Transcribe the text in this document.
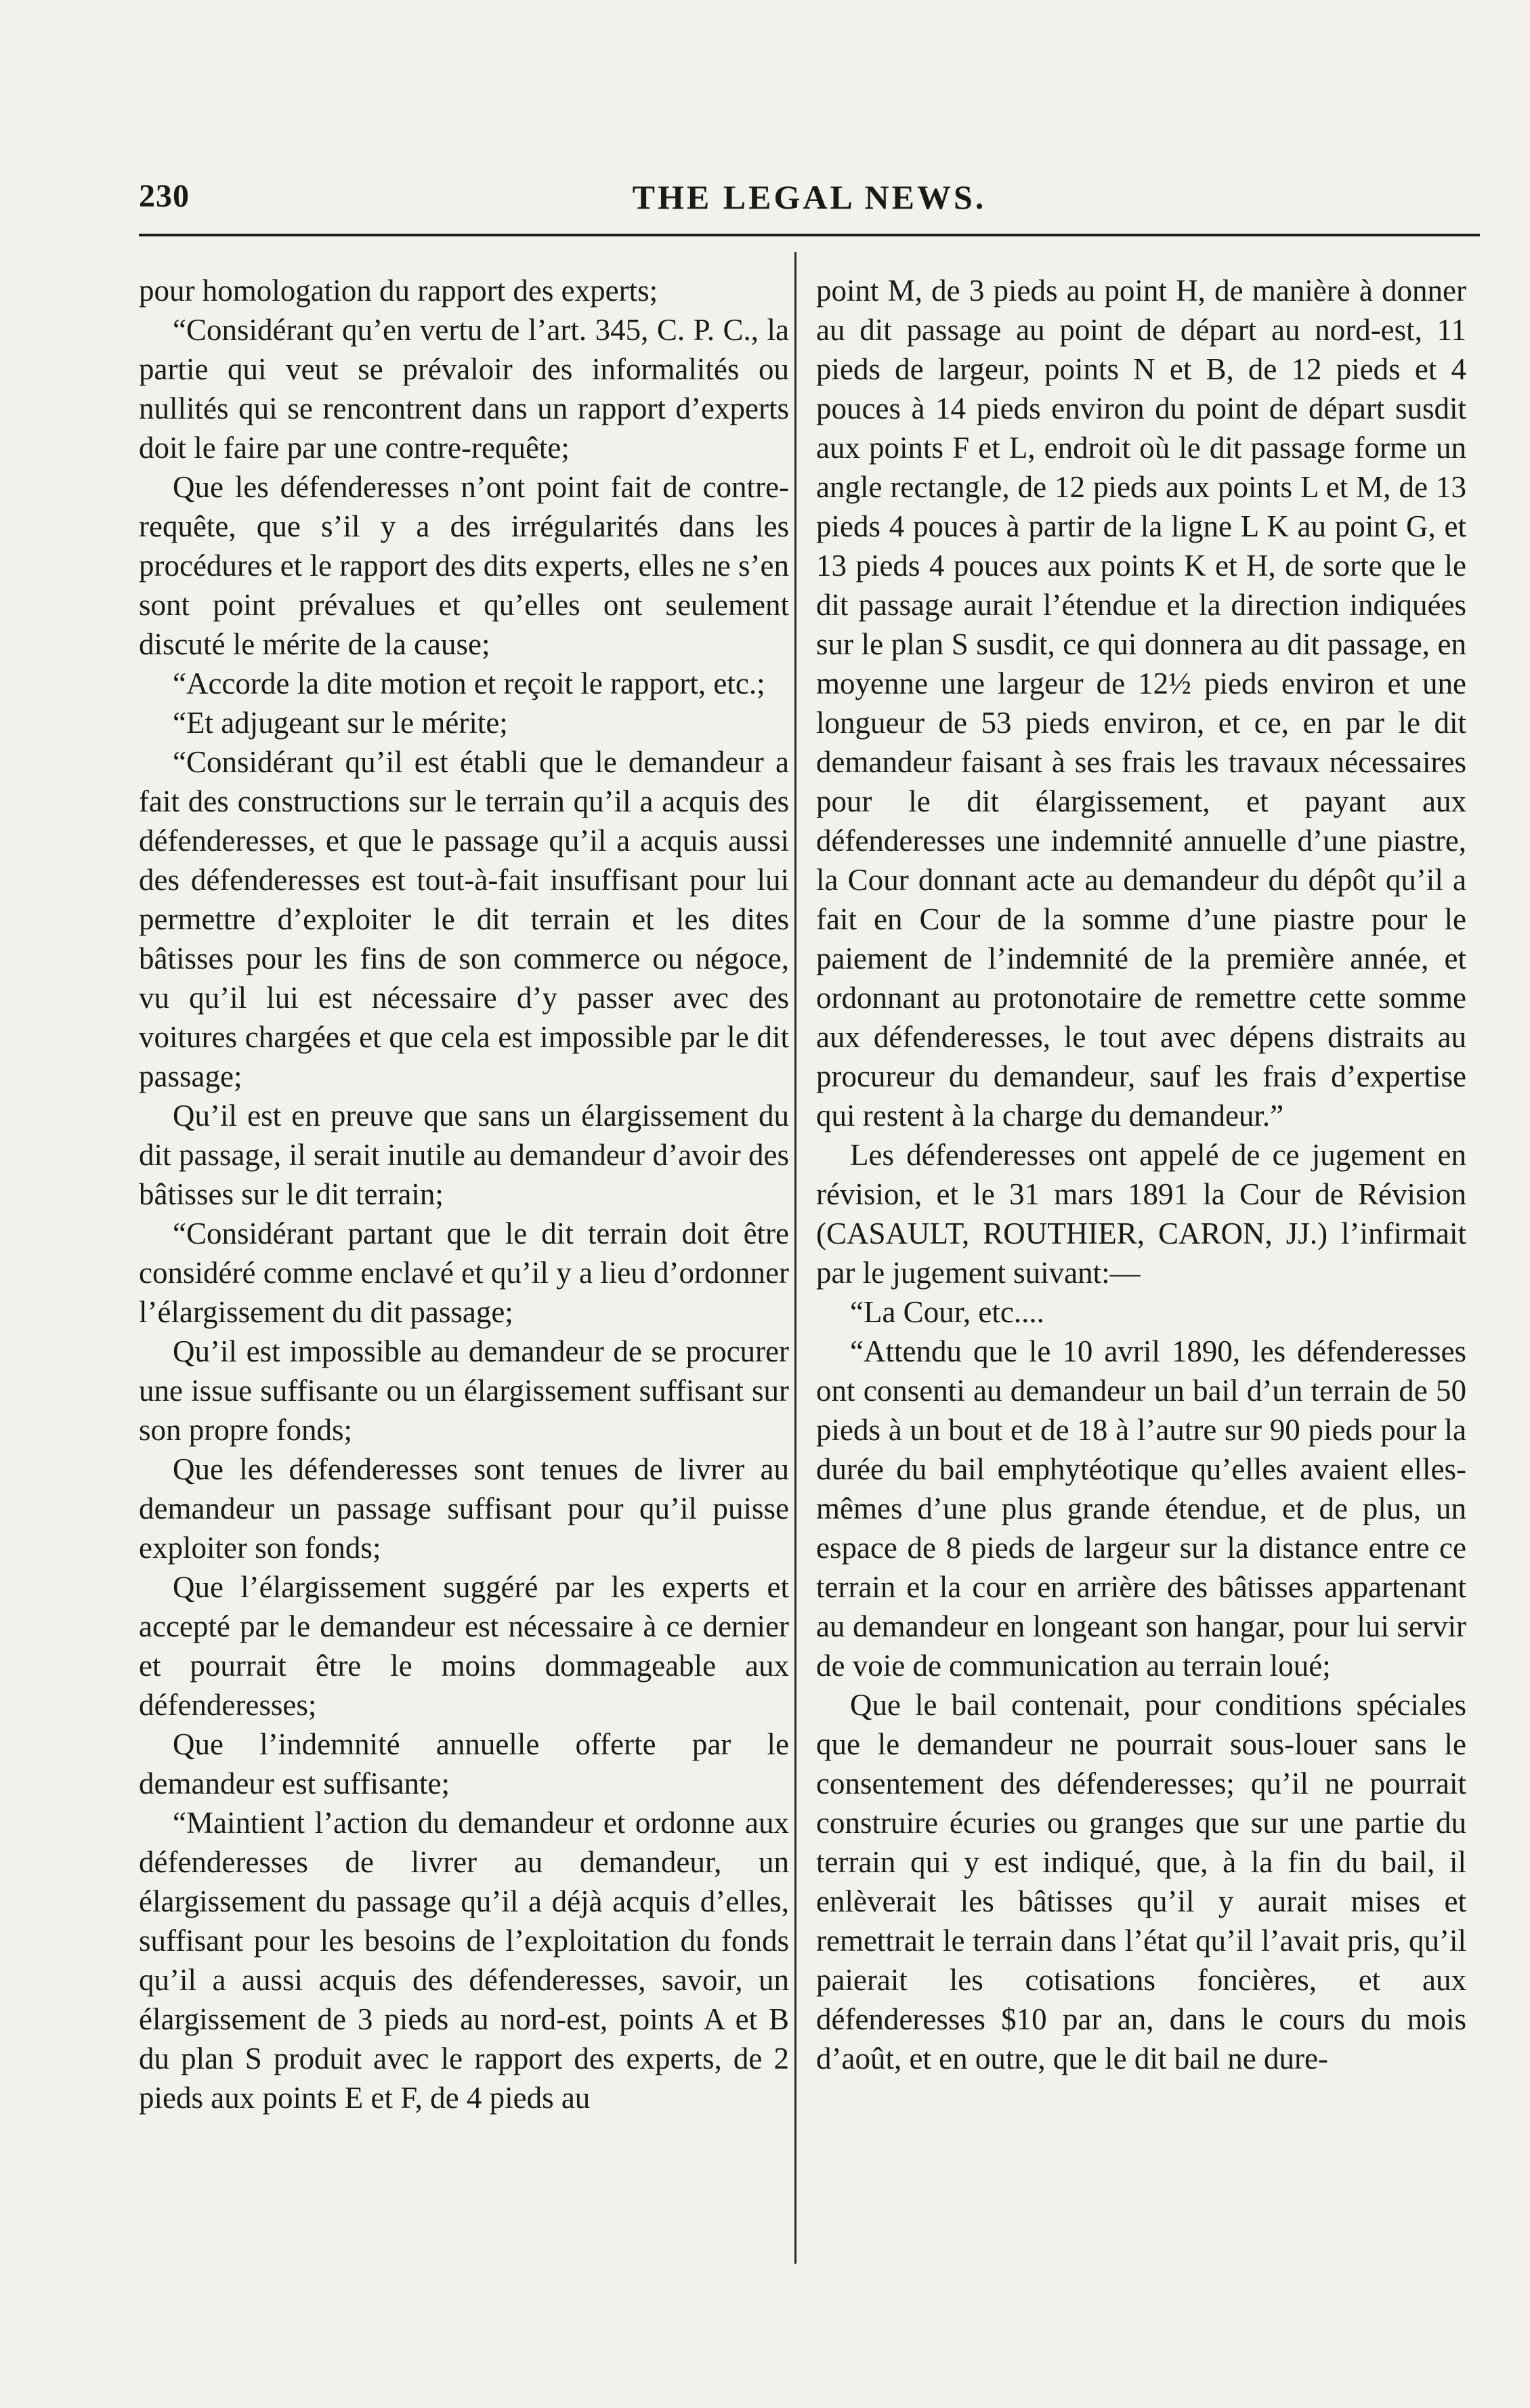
230	THE LEGAL NEWS.

pour homologation du rapport des experts;

“Considérant qu’en vertu de l’art. 345, C. P. C., la partie qui veut se prévaloir des informalités ou nullités qui se rencontrent dans un rapport d’experts doit le faire par une contre-requête;

Que les défenderesses n’ont point fait de contre-requête, que s’il y a des irrégularités dans les procédures et le rapport des dits experts, elles ne s’en sont point prévalues et qu’elles ont seulement discuté le mérite de la cause;

“Accorde la dite motion et reçoit le rapport, etc.;

“Et adjugeant sur le mérite;

“Considérant qu’il est établi que le demandeur a fait des constructions sur le terrain qu’il a acquis des défenderesses, et que le passage qu’il a acquis aussi des défenderesses est tout-à-fait insuffisant pour lui permettre d’exploiter le dit terrain et les dites bâtisses pour les fins de son commerce ou négoce, vu qu’il lui est nécessaire d’y passer avec des voitures chargées et que cela est impossible par le dit passage;

Qu’il est en preuve que sans un élargissement du dit passage, il serait inutile au demandeur d’avoir des bâtisses sur le dit terrain;

“Considérant partant que le dit terrain doit être considéré comme enclavé et qu’il y a lieu d’ordonner l’élargissement du dit passage;

Qu’il est impossible au demandeur de se procurer une issue suffisante ou un élargissement suffisant sur son propre fonds;

Que les défenderesses sont tenues de livrer au demandeur un passage suffisant pour qu’il puisse exploiter son fonds;

Que l’élargissement suggéré par les experts et accepté par le demandeur est nécessaire à ce dernier et pourrait être le moins dommageable aux défenderesses;

Que l’indemnité annuelle offerte par le demandeur est suffisante;

“Maintient l’action du demandeur et ordonne aux défenderesses de livrer au demandeur, un élargissement du passage qu’il a déjà acquis d’elles, suffisant pour les besoins de l’exploitation du fonds qu’il a aussi acquis des défenderesses, savoir, un élargissement de 3 pieds au nord-est, points A et B du plan S produit avec le rapport des experts, de 2 pieds aux points E et F, de 4 pieds au

point M, de 3 pieds au point H, de manière à donner au dit passage au point de départ au nord-est, 11 pieds de largeur, points N et B, de 12 pieds et 4 pouces à 14 pieds environ du point de départ susdit aux points F et L, endroit où le dit passage forme un angle rectangle, de 12 pieds aux points L et M, de 13 pieds 4 pouces à partir de la ligne L K au point G, et 13 pieds 4 pouces aux points K et H, de sorte que le dit passage aurait l’étendue et la direction indiquées sur le plan S susdit, ce qui donnera au dit passage, en moyenne une largeur de 12½ pieds environ et une longueur de 53 pieds environ, et ce, en par le dit demandeur faisant à ses frais les travaux nécessaires pour le dit élargissement, et payant aux défenderesses une indemnité annuelle d’une piastre, la Cour donnant acte au demandeur du dépôt qu’il a fait en Cour de la somme d’une piastre pour le paiement de l’indemnité de la première année, et ordonnant au protonotaire de remettre cette somme aux défenderesses, le tout avec dépens distraits au procureur du demandeur, sauf les frais d’expertise qui restent à la charge du demandeur.”

Les défenderesses ont appelé de ce jugement en révision, et le 31 mars 1891 la Cour de Révision (CASAULT, ROUTHIER, CARON, JJ.) l’infirmait par le jugement suivant:—

“La Cour, etc....

“Attendu que le 10 avril 1890, les défenderesses ont consenti au demandeur un bail d’un terrain de 50 pieds à un bout et de 18 à l’autre sur 90 pieds pour la durée du bail emphytéotique qu’elles avaient elles-mêmes d’une plus grande étendue, et de plus, un espace de 8 pieds de largeur sur la distance entre ce terrain et la cour en arrière des bâtisses appartenant au demandeur en longeant son hangar, pour lui servir de voie de communication au terrain loué;

Que le bail contenait, pour conditions spéciales que le demandeur ne pourrait sous-louer sans le consentement des défenderesses; qu’il ne pourrait construire écuries ou granges que sur une partie du terrain qui y est indiqué, que, à la fin du bail, il enlèverait les bâtisses qu’il y aurait mises et remettrait le terrain dans l’état qu’il l’avait pris, qu’il paierait les cotisations foncières, et aux défenderesses $10 par an, dans le cours du mois d’août, et en outre, que le dit bail ne dure-
